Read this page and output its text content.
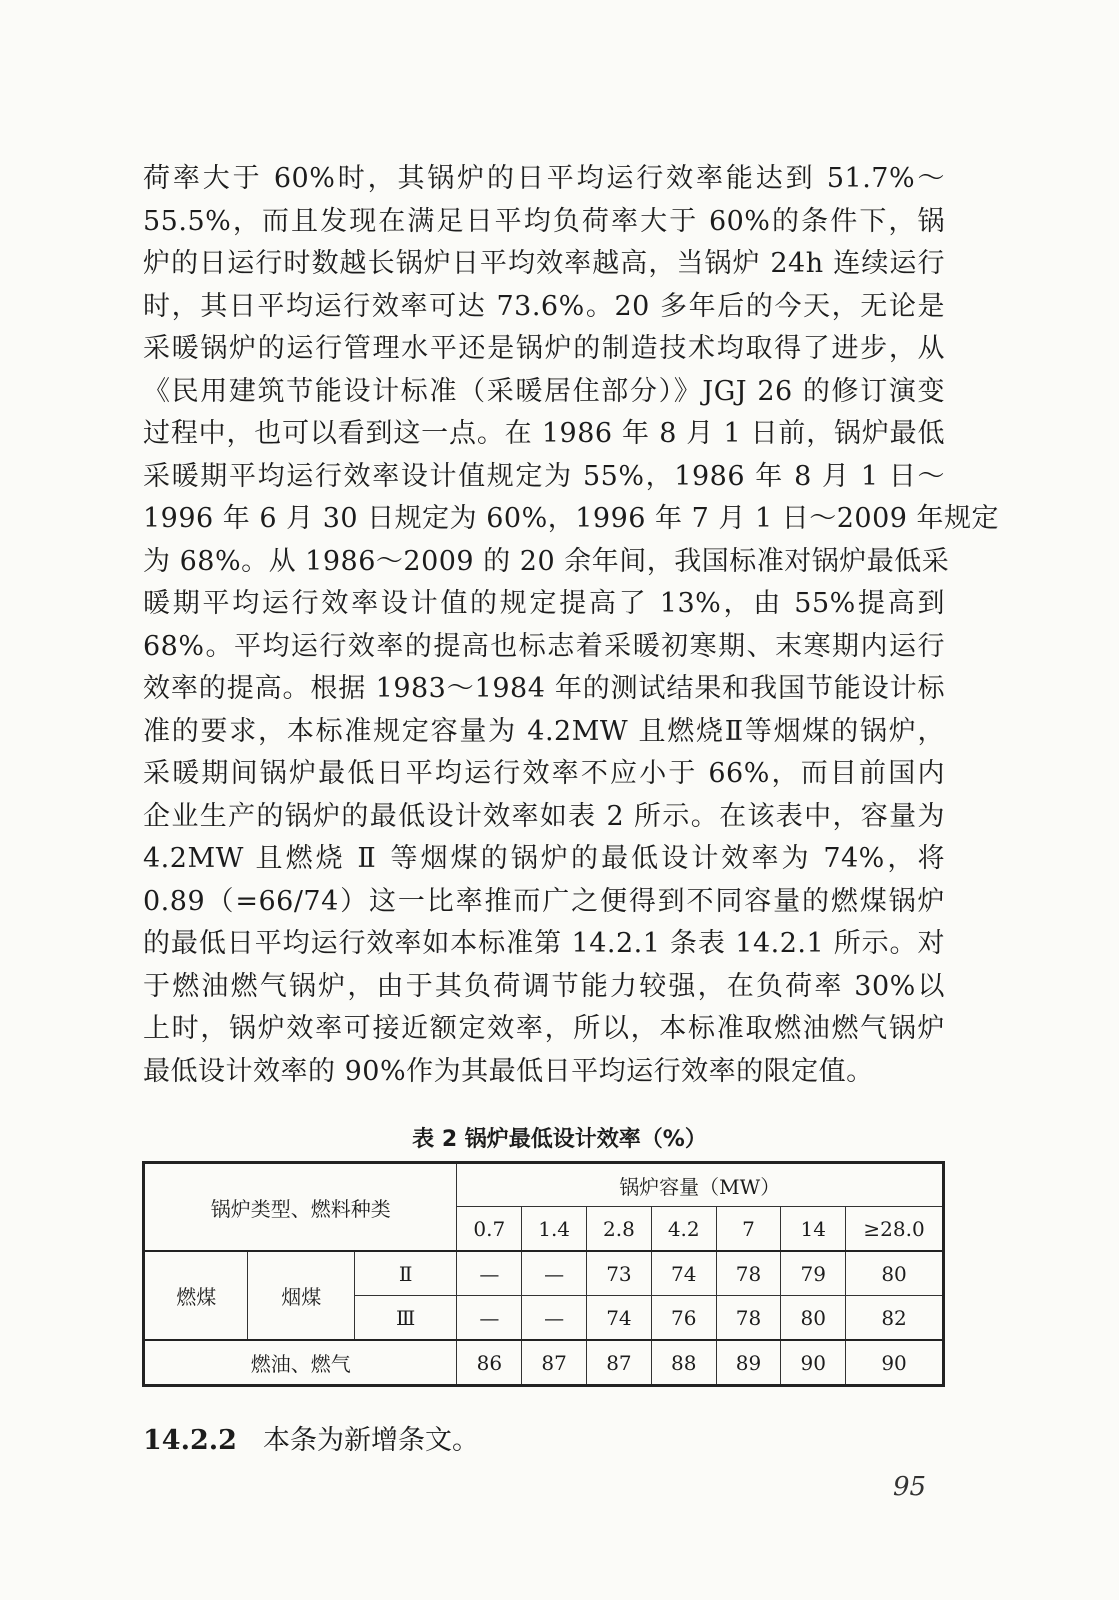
荷率大于 60%时，其锅炉的日平均运行效率能达到 51.7%～

55.5%，而且发现在满足日平均负荷率大于 60%的条件下，锅

炉的日运行时数越长锅炉日平均效率越高，当锅炉 24h 连续运行

时，其日平均运行效率可达 73.6%。20 多年后的今天，无论是

采暖锅炉的运行管理水平还是锅炉的制造技术均取得了进步，从

《民用建筑节能设计标准（采暖居住部分）》JGJ 26 的修订演变

过程中，也可以看到这一点。在 1986 年 8 月 1 日前，锅炉最低

采暖期平均运行效率设计值规定为 55%，1986 年 8 月 1 日～

1996 年 6 月 30 日规定为 60%，1996 年 7 月 1 日～2009 年规定

为 68%。从 1986～2009 的 20 余年间，我国标准对锅炉最低采

暖期平均运行效率设计值的规定提高了 13%，由 55%提高到

68%。平均运行效率的提高也标志着采暖初寒期、末寒期内运行

效率的提高。根据 1983～1984 年的测试结果和我国节能设计标

准的要求，本标准规定容量为 4.2MW 且燃烧Ⅱ等烟煤的锅炉，

采暖期间锅炉最低日平均运行效率不应小于 66%，而目前国内

企业生产的锅炉的最低设计效率如表 2 所示。在该表中，容量为

4.2MW 且燃烧 Ⅱ 等烟煤的锅炉的最低设计效率为 74%，将

0.89（=66/74）这一比率推而广之便得到不同容量的燃煤锅炉

的最低日平均运行效率如本标准第 14.2.1 条表 14.2.1 所示。对

于燃油燃气锅炉，由于其负荷调节能力较强，在负荷率 30%以

上时，锅炉效率可接近额定效率，所以，本标准取燃油燃气锅炉

最低设计效率的 90%作为其最低日平均运行效率的限定值。

表 2 锅炉最低设计效率（%）
锅炉类型、燃料种类			锅炉容量（MW）						
			0.7	1.4	2.8	4.2	7	14	≥28.0
燃煤	烟煤	Ⅱ	—	—	73	74	78	79	80
		Ⅲ	—	—	74	76	78	80	82
燃油、燃气			86	87	87	88	89	90	90
14.2.2 本条为新增条文。
95
